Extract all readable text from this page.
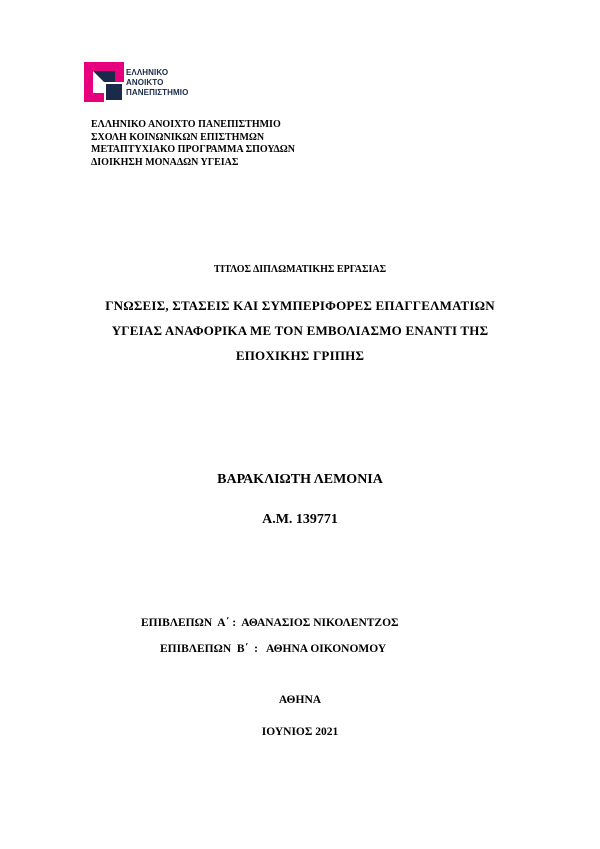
ΕΛΛΗΝΙΚΟ
ΑΝΟΙΚΤΟ
ΠΑΝΕΠΙΣΤΗΜΙΟ
ΕΛΛΗΝΙΚΟ ΑΝΟΙΧΤΟ ΠΑΝΕΠΙΣΤΗΜΙΟ
ΣΧΟΛΗ ΚΟΙΝΩΝΙΚΩΝ ΕΠΙΣΤΗΜΩΝ
ΜΕΤΑΠΤΥΧΙΑΚΟ ΠΡΟΓΡΑΜΜΑ ΣΠΟΥΔΩΝ
ΔΙΟΙΚΗΣΗ ΜΟΝΑΔΩΝ ΥΓΕΙΑΣ
ΤΙΤΛΟΣ ΔΙΠΛΩΜΑΤΙΚΗΣ ΕΡΓΑΣΙΑΣ
ΓΝΩΣΕΙΣ, ΣΤΑΣΕΙΣ ΚΑΙ ΣΥΜΠΕΡΙΦΟΡΕΣ ΕΠΑΓΓΕΛΜΑΤΙΩΝ
ΥΓΕΙΑΣ ΑΝΑΦΟΡΙΚΑ ΜΕ ΤΟΝ ΕΜΒΟΛΙΑΣΜΟ ΕΝΑΝΤΙ ΤΗΣ
ΕΠΟΧΙΚΗΣ ΓΡΙΠΗΣ
ΒΑΡΑΚΛΙΩΤΗ ΛΕΜΟΝΙΑ
Α.Μ. 139771
ΕΠΙΒΛΕΠΩΝ  Α΄ :  ΑΘΑΝΑΣΙΟΣ ΝΙΚΟΛΕΝΤΖΟΣ
ΕΠΙΒΛΕΠΩΝ  Β΄  :   ΑΘΗΝΑ ΟΙΚΟΝΟΜΟΥ
ΑΘΗΝΑ
ΙΟΥΝΙΟΣ 2021
